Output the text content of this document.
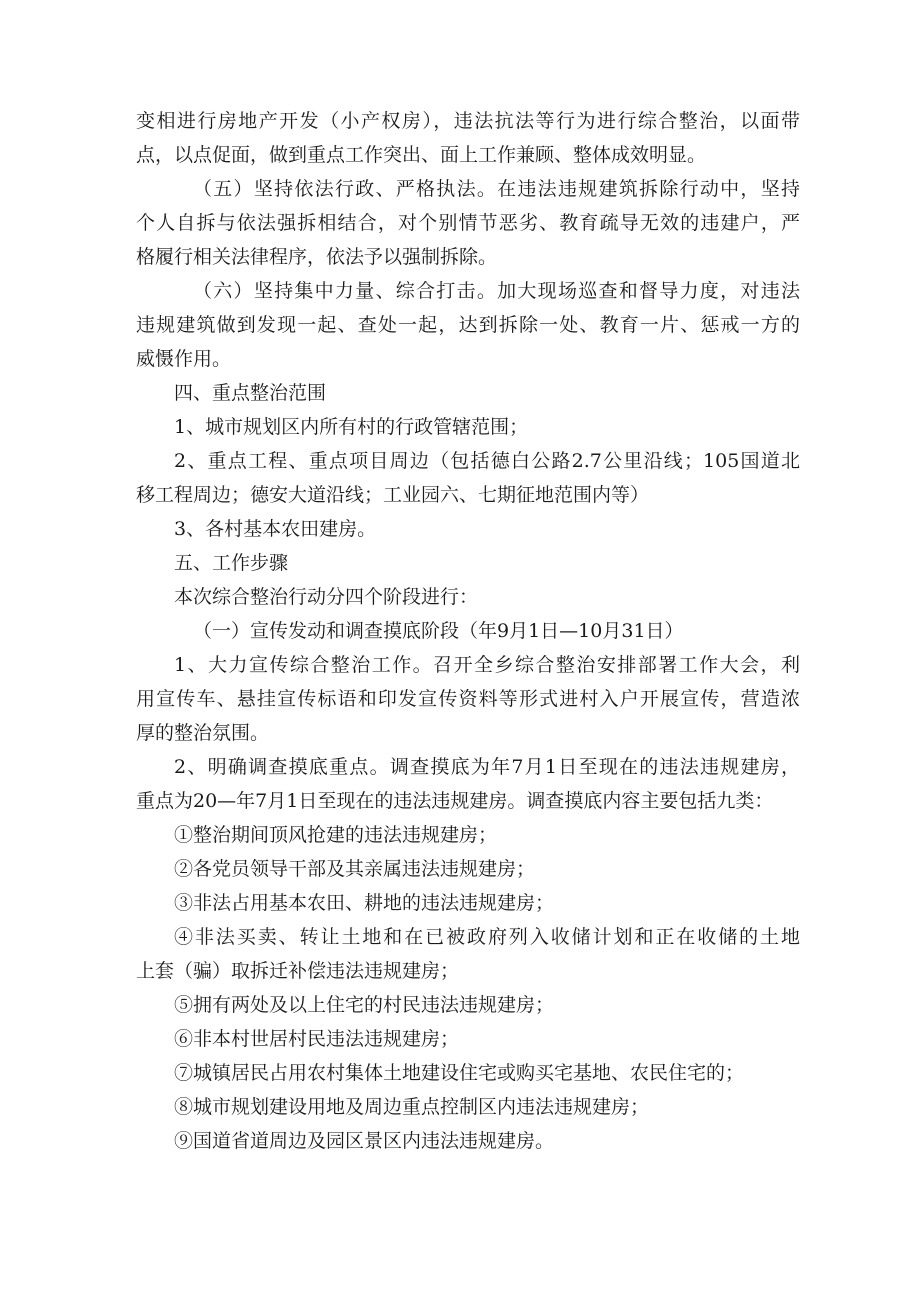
变相进行房地产开发（小产权房），违法抗法等行为进行综合整治，以面带
点，以点促面，做到重点工作突出、面上工作兼顾、整体成效明显。
（五）坚持依法行政、严格执法。在违法违规建筑拆除行动中，坚持
个人自拆与依法强拆相结合，对个别情节恶劣、教育疏导无效的违建户，严
格履行相关法律程序，依法予以强制拆除。
（六）坚持集中力量、综合打击。加大现场巡查和督导力度，对违法
违规建筑做到发现一起、查处一起，达到拆除一处、教育一片、惩戒一方的
威慑作用。
四、重点整治范围
1、城市规划区内所有村的行政管辖范围；
2、重点工程、重点项目周边（包括德白公路2.7公里沿线；105国道北
移工程周边；德安大道沿线；工业园六、七期征地范围内等）
3、各村基本农田建房。
五、工作步骤
本次综合整治行动分四个阶段进行：
（一）宣传发动和调查摸底阶段（年9月1日—10月31日）
1、大力宣传综合整治工作。召开全乡综合整治安排部署工作大会，利
用宣传车、悬挂宣传标语和印发宣传资料等形式进村入户开展宣传，营造浓
厚的整治氛围。
2、明确调查摸底重点。调查摸底为年7月1日至现在的违法违规建房，
重点为20—年7月1日至现在的违法违规建房。调查摸底内容主要包括九类：
①整治期间顶风抢建的违法违规建房；
②各党员领导干部及其亲属违法违规建房；
③非法占用基本农田、耕地的违法违规建房；
④非法买卖、转让土地和在已被政府列入收储计划和正在收储的土地
上套（骗）取拆迁补偿违法违规建房；
⑤拥有两处及以上住宅的村民违法违规建房；
⑥非本村世居村民违法违规建房；
⑦城镇居民占用农村集体土地建设住宅或购买宅基地、农民住宅的；
⑧城市规划建设用地及周边重点控制区内违法违规建房；
⑨国道省道周边及园区景区内违法违规建房。
